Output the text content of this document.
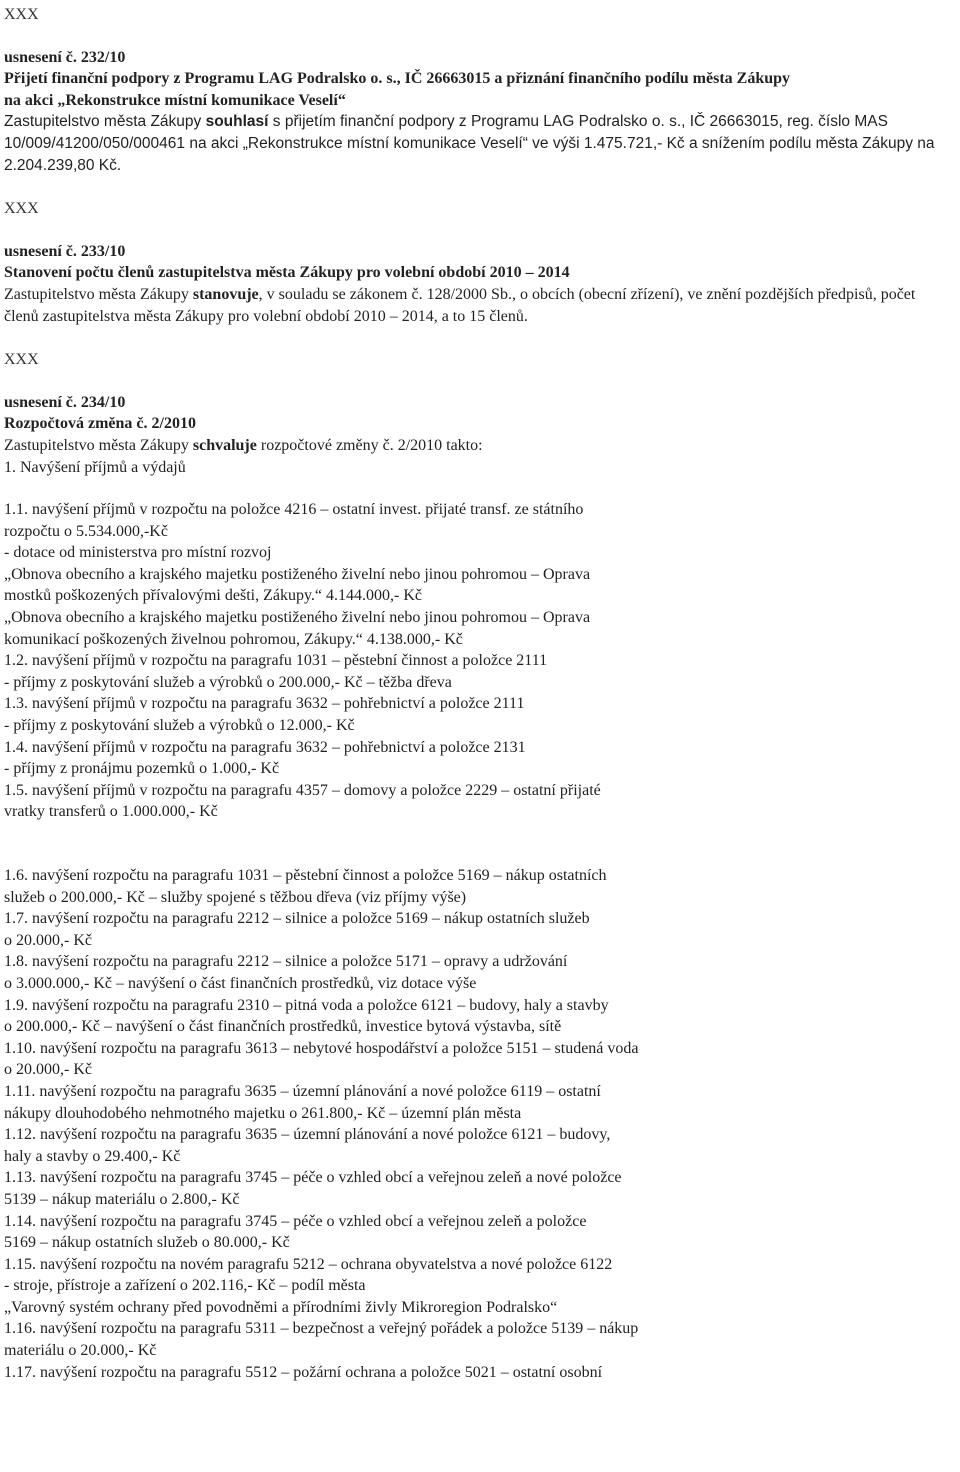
XXX

usnesení č. 232/10

Přijetí finanční podpory z Programu LAG Podralsko o. s., IČ 26663015 a přiznání finančního podílu města Zákupy

na akci „Rekonstrukce místní komunikace Veselí“

Zastupitelstvo města Zákupy souhlasí s přijetím finanční podpory z Programu LAG Podralsko o. s., IČ 26663015, reg. číslo MAS 10/009/41200/050/000461 na akci „Rekonstrukce místní komunikace Veselí“ ve výši 1.475.721,- Kč a snížením podílu města Zákupy na 2.204.239,80 Kč.

XXX

usnesení č. 233/10

Stanovení počtu členů zastupitelstva města Zákupy pro volební období 2010 – 2014

Zastupitelstvo města Zákupy stanovuje, v souladu se zákonem č. 128/2000 Sb., o obcích (obecní zřízení), ve znění pozdějších předpisů, počet členů zastupitelstva města Zákupy pro volební období 2010 – 2014, a to 15 členů.

XXX

usnesení č. 234/10

Rozpočtová změna č. 2/2010

Zastupitelstvo města Zákupy schvaluje rozpočtové změny č. 2/2010 takto:

1. Navýšení příjmů a výdajů

1.1. navýšení příjmů v rozpočtu na položce 4216 – ostatní invest. přijaté transf. ze státního

rozpočtu o 5.534.000,-Kč

- dotace od ministerstva pro místní rozvoj

„Obnova obecního a krajského majetku postiženého živelní nebo jinou pohromou – Oprava

mostků poškozených přívalovými dešti, Zákupy.“ 4.144.000,- Kč

„Obnova obecního a krajského majetku postiženého živelní nebo jinou pohromou – Oprava

komunikací poškozených živelnou pohromou, Zákupy.“ 4.138.000,- Kč

1.2. navýšení příjmů v rozpočtu na paragrafu 1031 – pěstební činnost a položce 2111

- příjmy z poskytování služeb a výrobků o 200.000,- Kč – těžba dřeva

1.3. navýšení příjmů v rozpočtu na paragrafu 3632 – pohřebnictví a položce 2111

- příjmy z poskytování služeb a výrobků o 12.000,- Kč

1.4. navýšení příjmů v rozpočtu na paragrafu 3632 – pohřebnictví a položce 2131

- příjmy z pronájmu pozemků o 1.000,- Kč

1.5. navýšení příjmů v rozpočtu na paragrafu 4357 – domovy a položce 2229 – ostatní přijaté

vratky transferů o 1.000.000,- Kč

1.6. navýšení rozpočtu na paragrafu 1031 – pěstební činnost a položce 5169 – nákup ostatních

služeb o 200.000,- Kč – služby spojené s těžbou dřeva (viz příjmy výše)

1.7. navýšení rozpočtu na paragrafu 2212 – silnice a položce 5169 – nákup ostatních služeb

o 20.000,- Kč

1.8. navýšení rozpočtu na paragrafu 2212 – silnice a položce 5171 – opravy a udržování

o 3.000.000,- Kč – navýšení o část finančních prostředků, viz dotace výše

1.9. navýšení rozpočtu na paragrafu 2310 – pitná voda a položce 6121 – budovy, haly a stavby

o 200.000,- Kč – navýšení o část finančních prostředků, investice bytová výstavba, sítě

1.10. navýšení rozpočtu na paragrafu 3613 – nebytové hospodářství a položce 5151 – studená voda

o 20.000,- Kč

1.11. navýšení rozpočtu na paragrafu 3635 – územní plánování a nové položce 6119 – ostatní

nákupy dlouhodobého nehmotného majetku o 261.800,- Kč – územní plán města

1.12. navýšení rozpočtu na paragrafu 3635 – územní plánování a nové položce 6121 – budovy,

haly a stavby o 29.400,- Kč

1.13. navýšení rozpočtu na paragrafu 3745 – péče o vzhled obcí a veřejnou zeleň a nové položce

5139 – nákup materiálu o 2.800,- Kč

1.14. navýšení rozpočtu na paragrafu 3745 – péče o vzhled obcí a veřejnou zeleň a položce

5169 – nákup ostatních služeb o 80.000,- Kč

1.15. navýšení rozpočtu na novém paragrafu 5212 – ochrana obyvatelstva a nové položce 6122

- stroje, přístroje a zařízení o 202.116,- Kč – podíl města

„Varovný systém ochrany před povodněmi a přírodními živly Mikroregion Podralsko“

1.16. navýšení rozpočtu na paragrafu 5311 – bezpečnost a veřejný pořádek a položce 5139 – nákup

materiálu o 20.000,- Kč

1.17. navýšení rozpočtu na paragrafu 5512 – požární ochrana a položce 5021 – ostatní osobní
